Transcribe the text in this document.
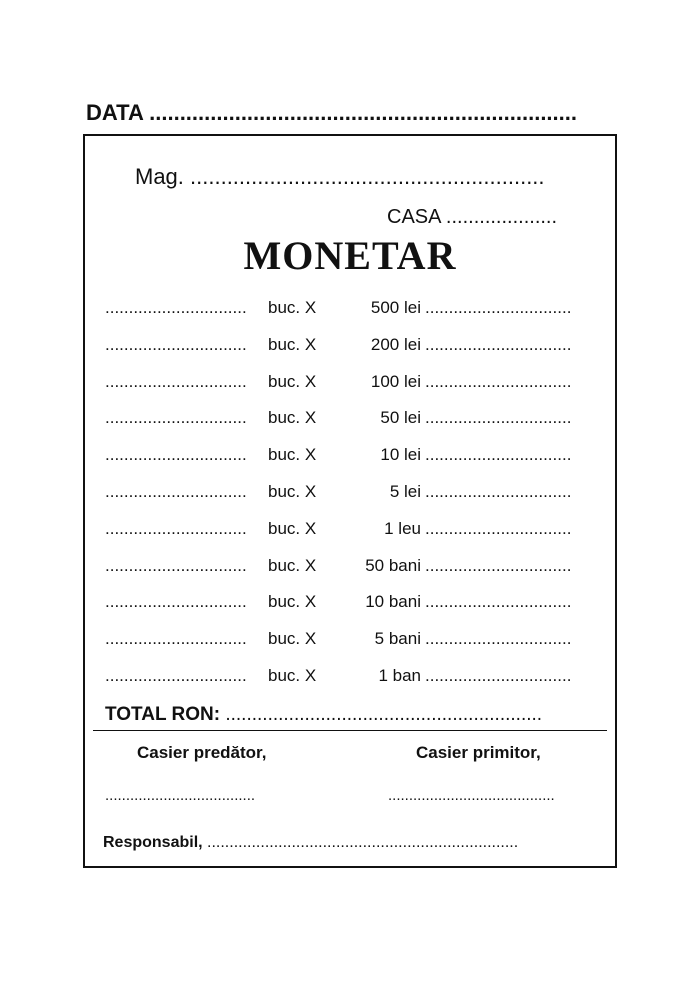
DATA ......................................................................
Mag. ..........................................................
CASA ....................
MONETAR
..............................	buc. X	500 lei ...............................
..............................	buc. X	200 lei ...............................
..............................	buc. X	100 lei ...............................
..............................	buc. X	50 lei ...............................
..............................	buc. X	10 lei ...............................
..............................	buc. X	5 lei ...............................
..............................	buc. X	1 leu ...............................
..............................	buc. X	50 bani ...............................
..............................	buc. X	10 bani ...............................
..............................	buc. X	5 bani ...............................
..............................	buc. X	1 ban ...............................
TOTAL RON: ............................................................
Casier predător,	Casier primitor,
....................................	........................................
Responsabil, ......................................................................
